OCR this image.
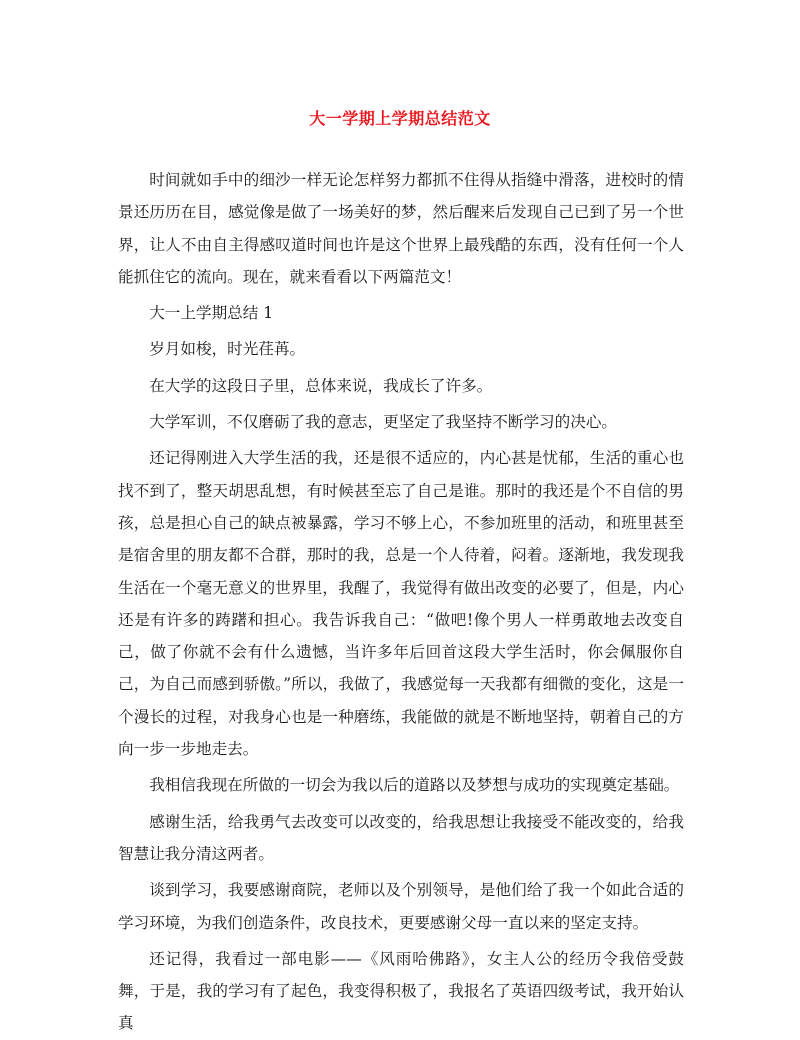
大一学期上学期总结范文

时间就如手中的细沙一样无论怎样努力都抓不住得从指缝中滑落，进校时的情景还历历在目，感觉像是做了一场美好的梦，然后醒来后发现自己已到了另一个世界，让人不由自主得感叹道时间也许是这个世界上最残酷的东西，没有任何一个人能抓住它的流向。现在，就来看看以下两篇范文！

大一上学期总结 1

岁月如梭，时光荏苒。

在大学的这段日子里，总体来说，我成长了许多。

大学军训，不仅磨砺了我的意志，更坚定了我坚持不断学习的决心。

还记得刚进入大学生活的我，还是很不适应的，内心甚是忧郁，生活的重心也找不到了，整天胡思乱想，有时候甚至忘了自己是谁。那时的我还是个不自信的男孩，总是担心自己的缺点被暴露，学习不够上心，不参加班里的活动，和班里甚至是宿舍里的朋友都不合群，那时的我，总是一个人待着，闷着。逐渐地，我发现我生活在一个毫无意义的世界里，我醒了，我觉得有做出改变的必要了，但是，内心还是有许多的踌躇和担心。我告诉我自己：“做吧!像个男人一样勇敢地去改变自己，做了你就不会有什么遗憾，当许多年后回首这段大学生活时，你会佩服你自己，为自己而感到骄傲。”所以，我做了，我感觉每一天我都有细微的变化，这是一个漫长的过程，对我身心也是一种磨练，我能做的就是不断地坚持，朝着自己的方向一步一步地走去。

我相信我现在所做的一切会为我以后的道路以及梦想与成功的实现奠定基础。

感谢生活，给我勇气去改变可以改变的，给我思想让我接受不能改变的，给我智慧让我分清这两者。

谈到学习，我要感谢商院，老师以及个别领导，是他们给了我一个如此合适的学习环境，为我们创造条件，改良技术，更要感谢父母一直以来的坚定支持。

还记得，我看过一部电影——《风雨哈佛路》，女主人公的经历令我倍受鼓舞，于是，我的学习有了起色，我变得积极了，我报名了英语四级考试，我开始认真
